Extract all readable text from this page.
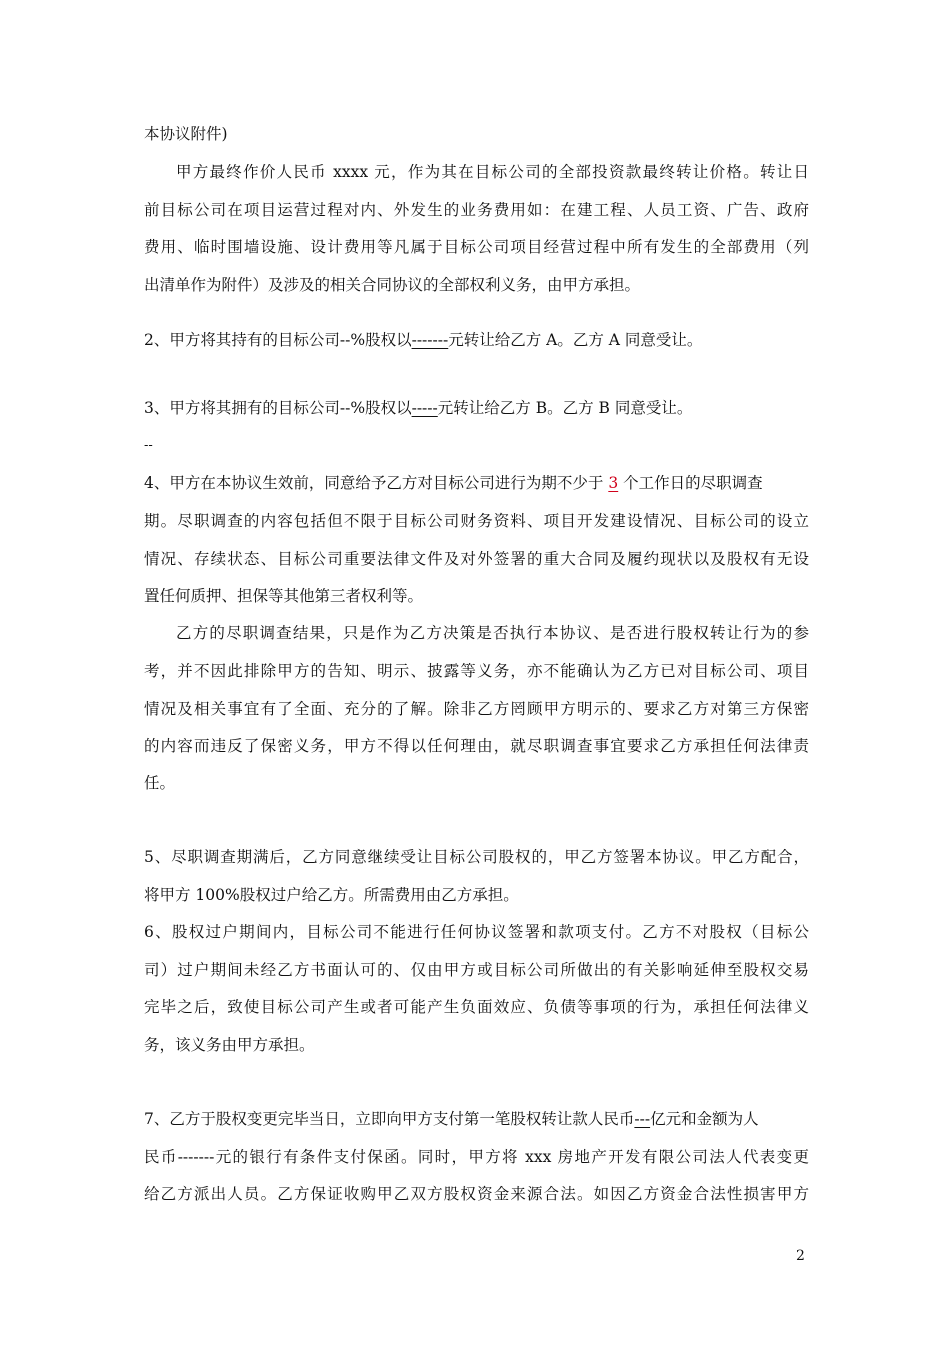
本协议附件)
甲方最终作价人民币 xxxx 元，作为其在目标公司的全部投资款最终转让价格。转让日
前目标公司在项目运营过程对内、外发生的业务费用如：在建工程、人员工资、广告、政府
费用、临时围墙设施、设计费用等凡属于目标公司项目经营过程中所有发生的全部费用（列
出清单作为附件）及涉及的相关合同协议的全部权利义务，由甲方承担。
2、甲方将其持有的目标公司--%股权以-------元转让给乙方 A。乙方 A 同意受让。
3、甲方将其拥有的目标公司--%股权以-----元转让给乙方 B。乙方 B 同意受让。
--
4、甲方在本协议生效前，同意给予乙方对目标公司进行为期不少于 3 个工作日的尽职调查
期。尽职调查的内容包括但不限于目标公司财务资料、项目开发建设情况、目标公司的设立
情况、存续状态、目标公司重要法律文件及对外签署的重大合同及履约现状以及股权有无设
置任何质押、担保等其他第三者权利等。
乙方的尽职调查结果，只是作为乙方决策是否执行本协议、是否进行股权转让行为的参
考，并不因此排除甲方的告知、明示、披露等义务，亦不能确认为乙方已对目标公司、项目
情况及相关事宜有了全面、充分的了解。除非乙方罔顾甲方明示的、要求乙方对第三方保密
的内容而违反了保密义务，甲方不得以任何理由，就尽职调查事宜要求乙方承担任何法律责
任。
5、尽职调查期满后，乙方同意继续受让目标公司股权的，甲乙方签署本协议。甲乙方配合，
将甲方 100%股权过户给乙方。所需费用由乙方承担。
6、股权过户期间内，目标公司不能进行任何协议签署和款项支付。乙方不对股权（目标公
司）过户期间未经乙方书面认可的、仅由甲方或目标公司所做出的有关影响延伸至股权交易
完毕之后，致使目标公司产生或者可能产生负面效应、负债等事项的行为，承担任何法律义
务，该义务由甲方承担。
7、乙方于股权变更完毕当日，立即向甲方支付第一笔股权转让款人民币---亿元和金额为人
民币-------元的银行有条件支付保函。同时，甲方将 xxx 房地产开发有限公司法人代表变更
给乙方派出人员。乙方保证收购甲乙双方股权资金来源合法。如因乙方资金合法性损害甲方
2
